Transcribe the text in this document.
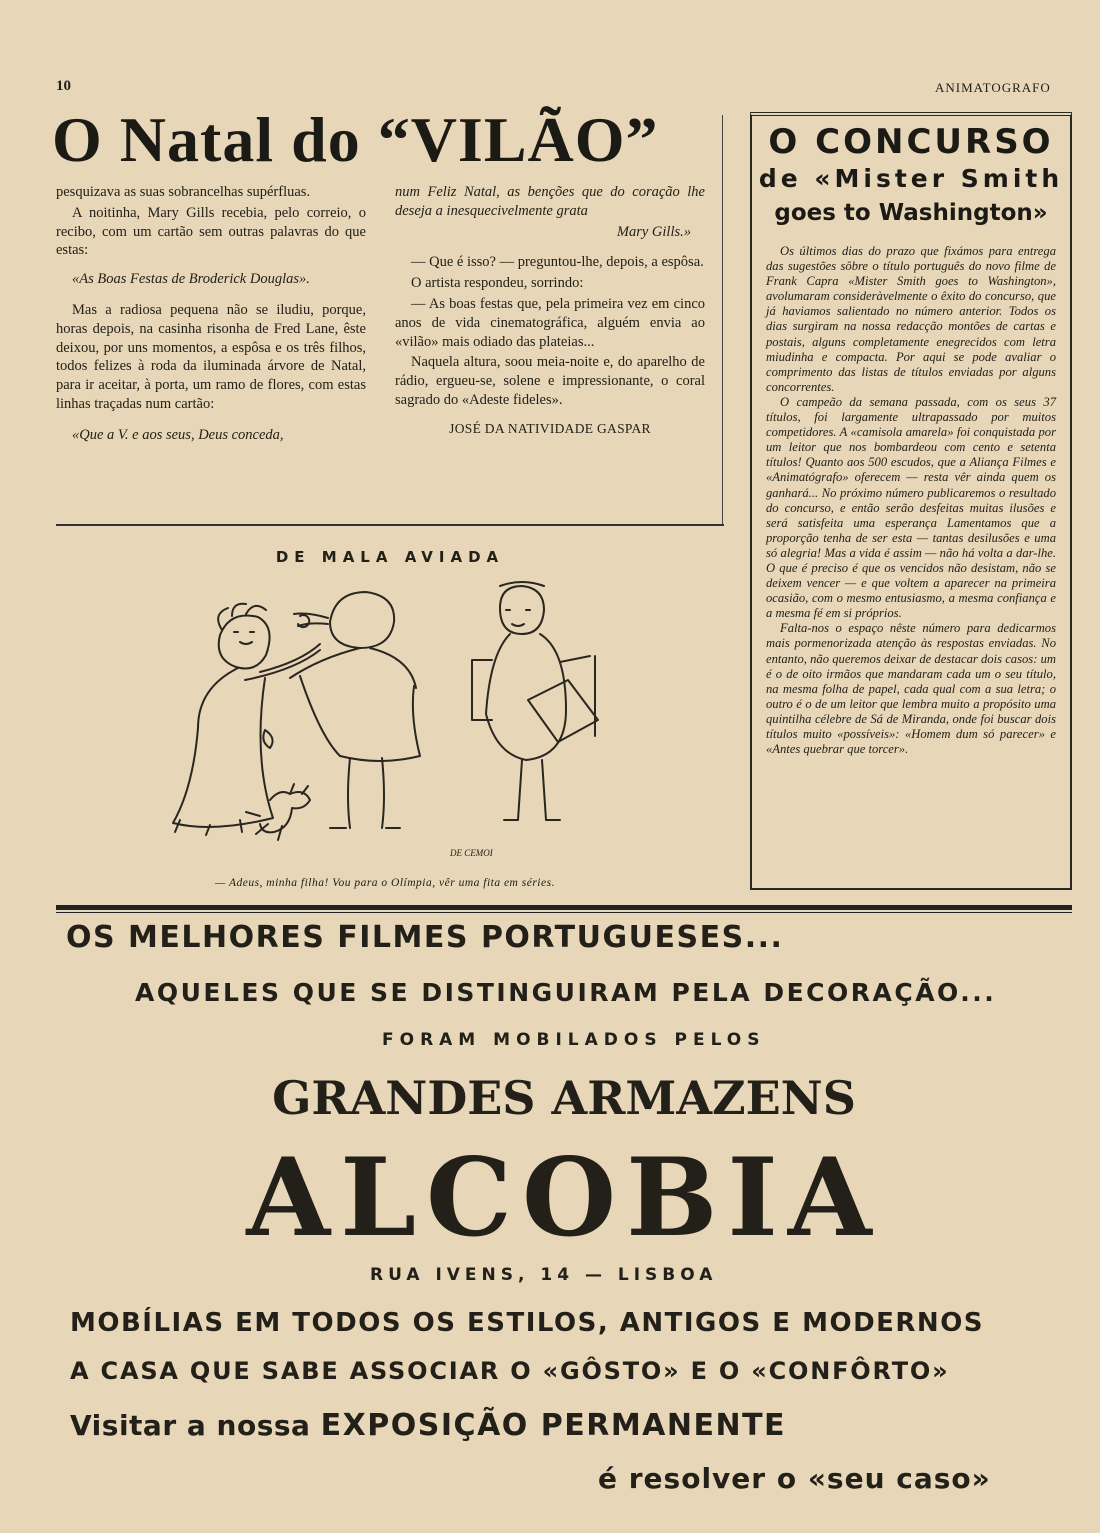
10	ANIMATOGRAFO
O Natal do “VILÃO”

pesquizava as suas sobrancelhas supérfluas.

A noitinha, Mary Gills recebia, pelo correio, o recibo, com um cartão sem outras palavras do que estas:

«As Boas Festas de Broderick Douglas».

Mas a radiosa pequena não se iludiu, porque, horas depois, na casinha risonha de Fred Lane, êste deixou, por uns momentos, a espôsa e os três filhos, todos felizes à roda da iluminada árvore de Natal, para ir aceitar, à porta, um ramo de flores, com estas linhas traçadas num cartão:

«Que a V. e aos seus, Deus conceda,

num Feliz Natal, as benções que do coração lhe deseja a inesquecivelmente grata

Mary Gills.»

— Que é isso? — preguntou-lhe, depois, a espôsa.

O artista respondeu, sorrindo:

— As boas festas que, pela primeira vez em cinco anos de vida cinematográfica, alguém envia ao «vilão» mais odiado das plateias...

Naquela altura, soou meia-noite e, do aparelho de rádio, ergueu-se, solene e impressionante, o coral sagrado do «Adeste fideles».

JOSÉ DA NATIVIDADE GASPAR

O CONCURSO
de «Mister Smith
goes to Washington»

Os últimos dias do prazo que fixámos para entrega das sugestões sôbre o título português do novo filme de Frank Capra «Mister Smith goes to Washington», avolumaram consideràvelmente o êxito do concurso, que já haviamos salientado no número anterior. Todos os dias surgiram na nossa redacção montões de cartas e postais, alguns completamente enegrecidos com letra miudinha e compacta. Por aqui se pode avaliar o comprimento das listas de títulos enviadas por alguns concorrentes.

O campeão da semana passada, com os seus 37 títulos, foi largamente ultrapassado por muitos competidores. A «camisola amarela» foi conquistada por um leitor que nos bombardeou com cento e setenta títulos! Quanto aos 500 escudos, que a Aliança Filmes e «Animatógrafo» oferecem — resta vêr ainda quem os ganhará... No próximo número publicaremos o resultado do concurso, e então serão desfeitas muitas ilusões e será satisfeita uma esperança Lamentamos que a proporção tenha de ser esta — tantas desilusões e uma só alegria! Mas a vida é assim — não há volta a dar-lhe. O que é preciso é que os vencidos não desistam, não se deixem vencer — e que voltem a aparecer na primeira ocasião, com o mesmo entusiasmo, a mesma confiança e a mesma fé em si próprios.

Falta-nos o espaço nêste número para dedicarmos mais pormenorizada atenção às respostas enviadas. No entanto, não queremos deixar de destacar dois casos: um é o de oito irmãos que mandaram cada um o seu título, na mesma folha de papel, cada qual com a sua letra; o outro é o de um leitor que lembra muito a propósito uma quintilha célebre de Sá de Miranda, onde foi buscar dois títulos muito «possíveis»: «Homem dum só parecer» e «Antes quebrar que torcer».

DE MALA AVIADA
DE CEMOI
— Adeus, minha filha! Vou para o Olímpia, vêr uma fita em séries.
OS MELHORES FILMES PORTUGUESES...
AQUELES QUE SE DISTINGUIRAM PELA DECORAÇÃO...
FORAM MOBILADOS PELOS
GRANDES ARMAZENS
ALCOBIA
RUA IVENS, 14 — LISBOA
MOBÍLIAS EM TODOS OS ESTILOS, ANTIGOS E MODERNOS
A CASA QUE SABE ASSOCIAR O «GÔSTO» E O «CONFÔRTO»
Visitar a nossa EXPOSIÇÃO PERMANENTE
é resolver o «seu caso»
